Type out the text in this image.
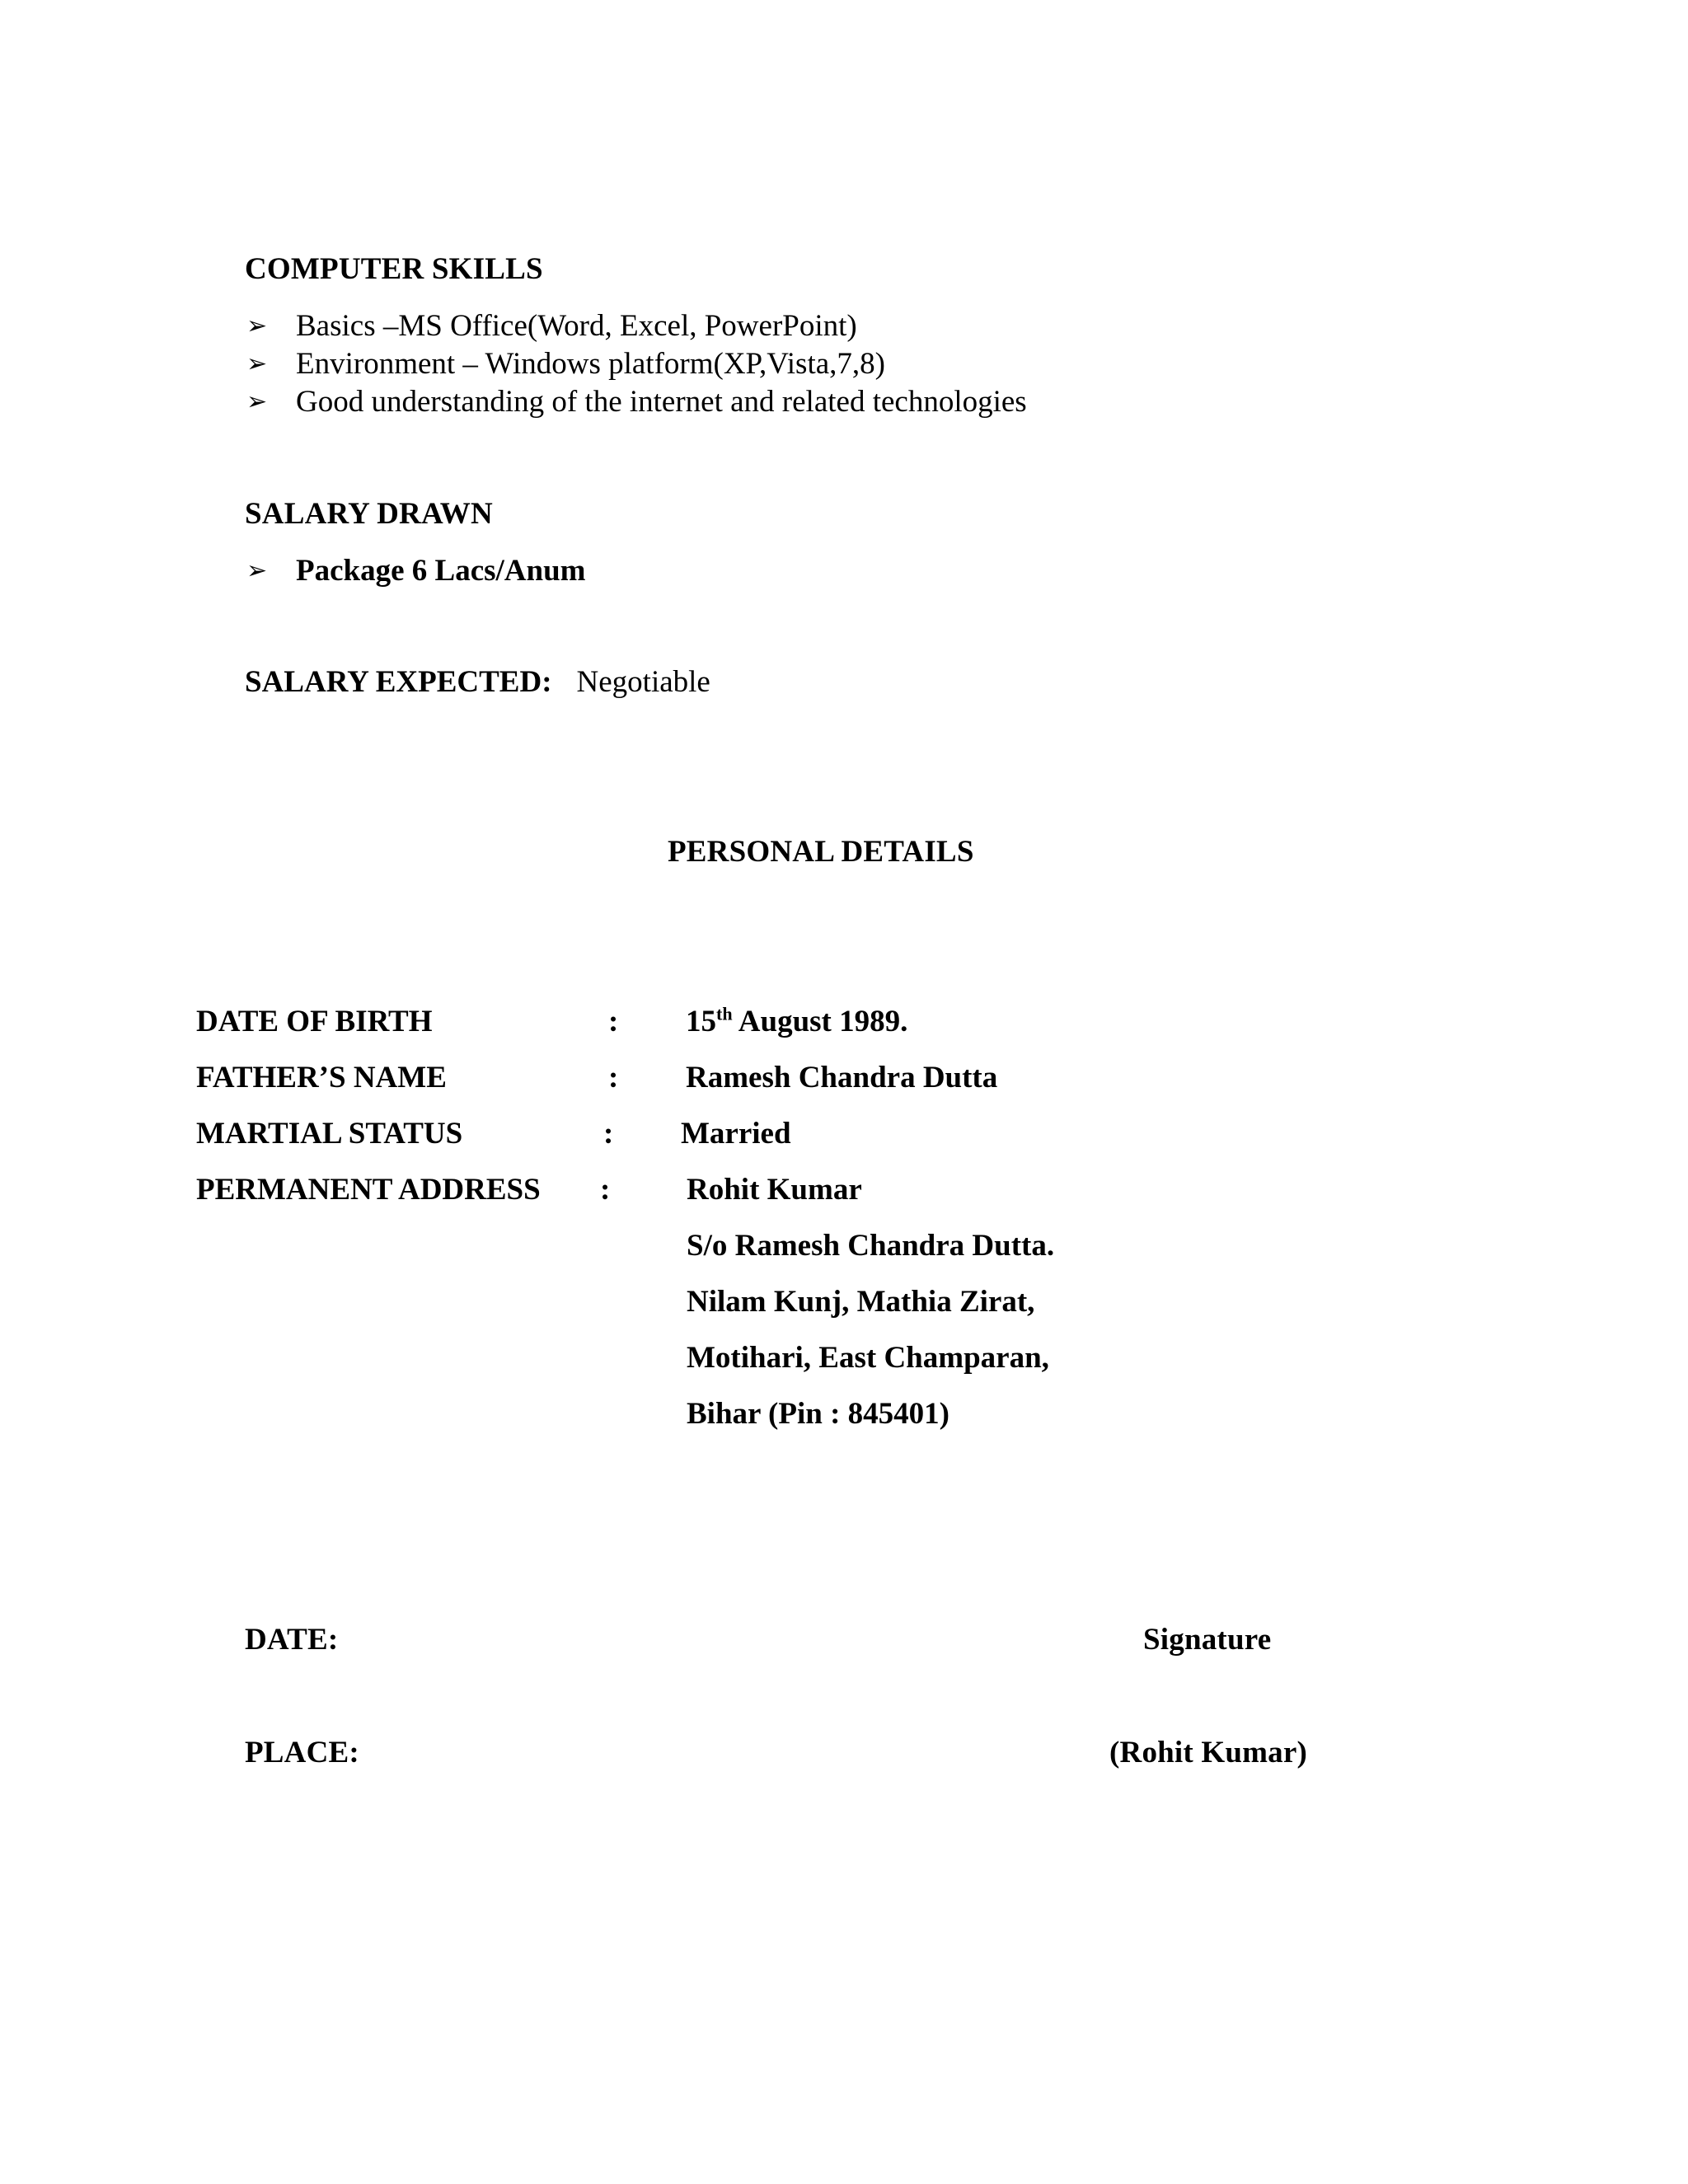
COMPUTER SKILLS
➢ Basics –MS Office(Word, Excel, PowerPoint)
➢ Environment – Windows platform(XP,Vista,7,8)
➢ Good understanding of the internet and related technologies
SALARY DRAWN
➢ Package 6 Lacs/Anum
SALARY EXPECTED: Negotiable
PERSONAL DETAILS
DATE OF BIRTH	: 15th August 1989.
FATHER’S NAME	: Ramesh Chandra Dutta
MARTIAL STATUS	: Married
PERMANENT ADDRESS :	Rohit Kumar
S/o Ramesh Chandra Dutta.
Nilam Kunj, Mathia Zirat,
Motihari, East Champaran,
Bihar (Pin : 845401)
DATE:	Signature
PLACE:	(Rohit Kumar)
